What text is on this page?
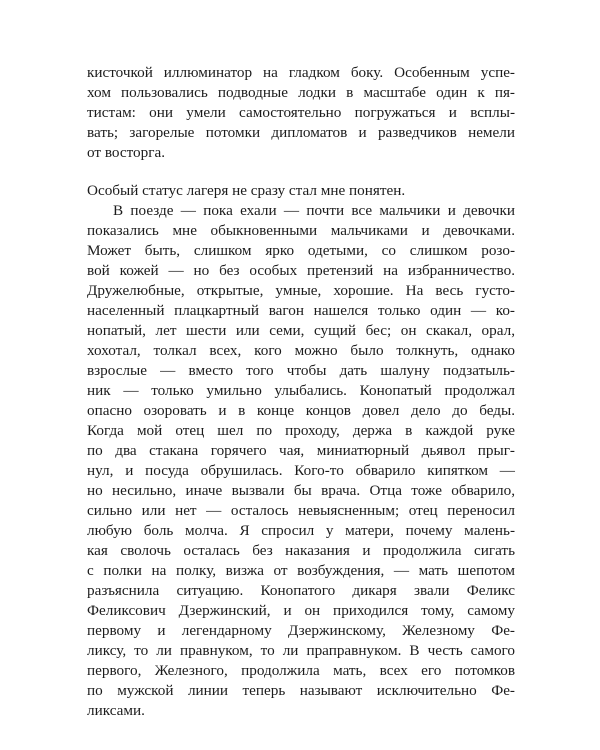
кисточкой иллюминатор на гладком боку. Особенным успе-

хом пользовались подводные лодки в масштабе один к пя-

тистам: они умели самостоятельно погружаться и всплы-

вать; загорелые потомки дипломатов и разведчиков немели

от восторга.

Особый статус лагеря не сразу стал мне понятен.

В поезде — пока ехали — почти все мальчики и девочки

показались мне обыкновенными мальчиками и девочками.

Может быть, слишком ярко одетыми, со слишком розо-

вой кожей — но без особых претензий на избранничество.

Дружелюбные, открытые, умные, хорошие. На весь густо-

населенный плацкартный вагон нашелся только один — ко-

нопатый, лет шести или семи, сущий бес; он скакал, орал,

хохотал, толкал всех, кого можно было толкнуть, однако

взрослые — вместо того чтобы дать шалуну подзатыль-

ник — только умильно улыбались. Конопатый продолжал

опасно озоровать и в конце концов довел дело до беды.

Когда мой отец шел по проходу, держа в каждой руке

по два стакана горячего чая, миниатюрный дьявол прыг-

нул, и посуда обрушилась. Кого-то обварило кипятком —

но несильно, иначе вызвали бы врача. Отца тоже обварило,

сильно или нет — осталось невыясненным; отец переносил

любую боль молча. Я спросил у матери, почему малень-

кая сволочь осталась без наказания и продолжила сигать

с полки на полку, визжа от возбуждения, — мать шепотом

разъяснила ситуацию. Конопатого дикаря звали Феликс

Феликсович Дзержинский, и он приходился тому, самому

первому и легендарному Дзержинскому, Железному Фе-

ликсу, то ли правнуком, то ли праправнуком. В честь самого

первого, Железного, продолжила мать, всех его потомков

по мужской линии теперь называют исключительно Фе-

ликсами.
